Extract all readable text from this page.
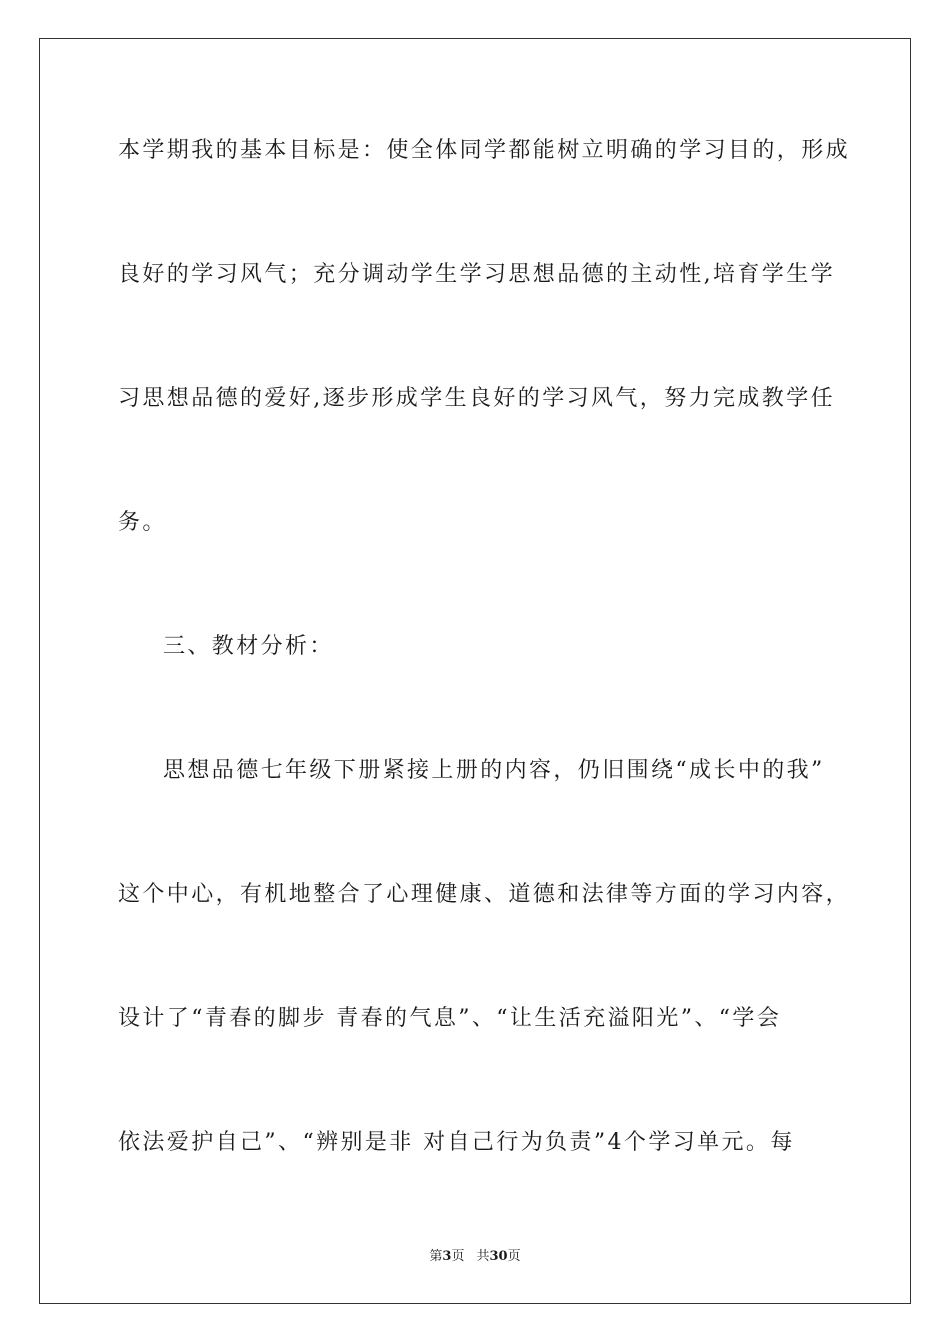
本学期我的基本目标是：使全体同学都能树立明确的学习目的，形成
良好的学习风气；充分调动学生学习思想品德的主动性,培育学生学
习思想品德的爱好,逐步形成学生良好的学习风气，努力完成教学任
务。
三、教材分析：
思想品德七年级下册紧接上册的内容，仍旧围绕“成长中的我”
这个中心，有机地整合了心理健康、道德和法律等方面的学习内容，
设计了“青春的脚步 青春的气息”、“让生活充溢阳光”、“学会
依法爱护自己”、“辨别是非 对自己行为负责”4个学习单元。每
第3页 共30页
